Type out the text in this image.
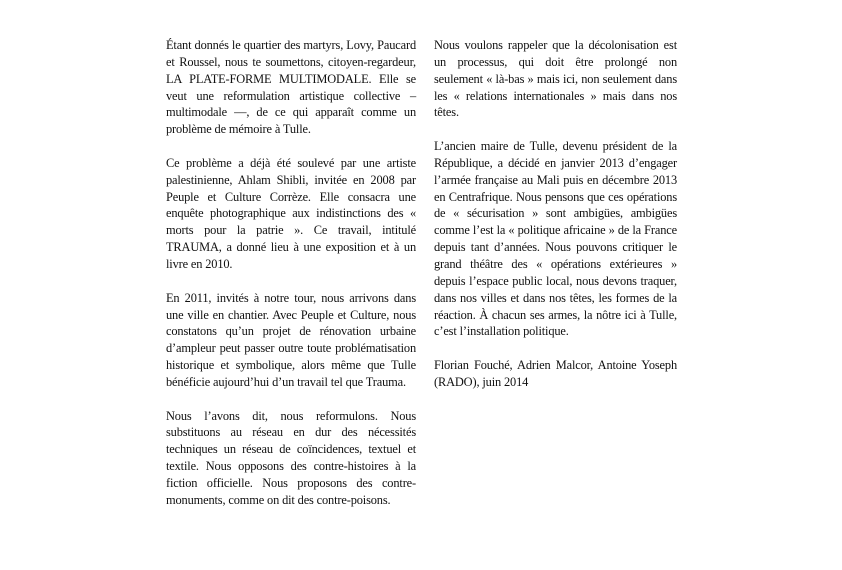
Étant donnés le quartier des martyrs, Lovy, Paucard et Roussel, nous te soumettons, citoyen-regardeur, LA PLATE-FORME MULTIMODALE. Elle se veut une reformulation artistique collective – multimodale —, de ce qui apparaît comme un problème de mémoire à Tulle.

Ce problème a déjà été soulevé par une artiste palestinienne, Ahlam Shibli, invitée en 2008 par Peuple et Culture Corrèze. Elle consacra une enquête photographique aux indistinctions des « morts pour la patrie ». Ce travail, intitulé TRAUMA, a donné lieu à une exposition et à un livre en 2010.

En 2011, invités à notre tour, nous arrivons dans une ville en chantier. Avec Peuple et Culture, nous constatons qu’un projet de rénovation urbaine d’ampleur peut passer outre toute problématisation historique et symbolique, alors même que Tulle bénéficie aujourd’hui d’un travail tel que Trauma.

Nous l’avons dit, nous reformulons. Nous substituons au réseau en dur des nécessités techniques un réseau de coïncidences, textuel et textile. Nous opposons des contre-histoires à la fiction officielle. Nous proposons des contre-monuments, comme on dit des contre-poisons.

Nous voulons rappeler que la décolonisation est un processus, qui doit être prolongé non seulement « là-bas » mais ici, non seulement dans les « relations internationales » mais dans nos têtes.

L’ancien maire de Tulle, devenu président de la République, a décidé en janvier 2013 d’engager l’armée française au Mali puis en décembre 2013 en Centrafrique. Nous pensons que ces opérations de « sécurisation » sont ambigües, ambigües comme l’est la « politique africaine » de la France depuis tant d’années. Nous pouvons critiquer le grand théâtre des « opérations extérieures » depuis l’espace public local, nous devons traquer, dans nos villes et dans nos têtes, les formes de la réaction. À chacun ses armes, la nôtre ici à Tulle, c’est l’installation politique.

Florian Fouché, Adrien Malcor, Antoine Yoseph (RADO), juin 2014
